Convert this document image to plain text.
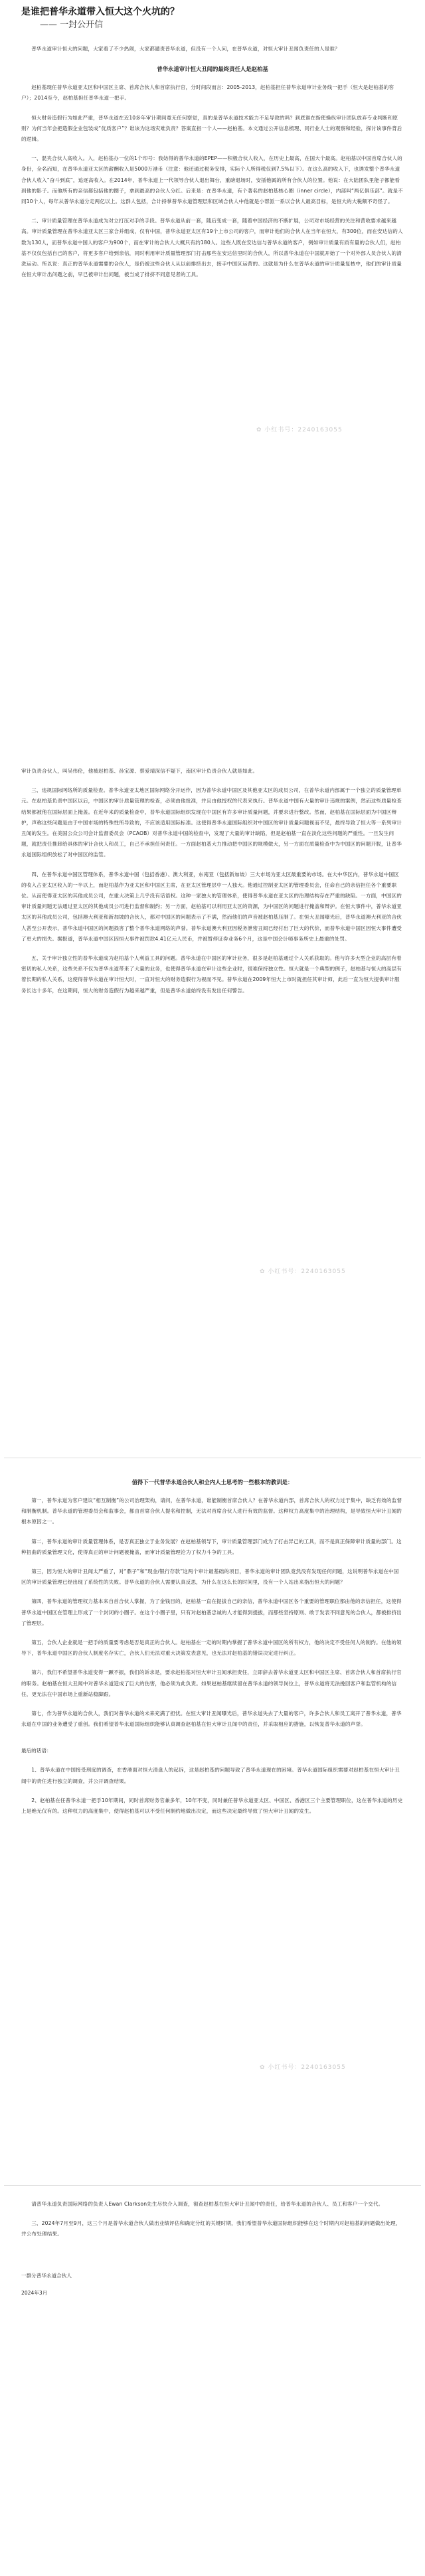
是谁把普华永道带入恒大这个火坑的？
—— 一封公开信

普华永道审计恒大的问题，大家看了不少热闹，大家都谴责普华永道，但没有一个人问，在普华永道，对恒大审计丑闻负责任的人是谁？

普华永道审计恒大丑闻的最终责任人是赵柏基

赵柏基现任普华永道亚太区和中国区主席、首席合伙人和首席执行官，分时间段而言：2005-2013，赵柏基担任普华永道审计业务线一把手（恒大是赵柏基的客户）；2014至今，赵柏基担任普华永道一把手。

恒大财务造假行为如此严重，普华永道在近10多年审计期间竟无任何察觉，真的是普华永道技术能力不足导致的吗？到底谁在指使操纵审计团队放弃专业判断和原则？为何当年会把造假企业包装成“优质客户”？谁该为这场灾难负责？答案直指一个人——赵柏基。本文通过公开信息梳理、同行业人士的观察和经验，探讨该事件背后的逻辑。

一、混夹合伙人高收入。入，赵柏基办一位的1个印号：我妨得的普华永道的EPEP——积极合伙人收入，在历史上最高，在国大个最高。赵柏基以中国首席合伙人的身份，全名而知，在普华永道亚太区的薪酬收入是5000万港币（注意：他还通过税务安排，实际个人所得税仅到7.5%以下）。在这么高的收入下，也诱发整个普华永道合伙人收入“奋斗到底”，追逐高收入。在2014年，普华永道上一代领导合伙人退出舞台，重磅退场时，安插他属的所有合伙人的位置。他说：在大陆团队里能子都能看到他的影子。而他所有的亲信都包括他的圈子，拿到最高的合伙人分红。后来是：在普华永道，有个著名的赵柏基核心圈（inner circle），内部叫“两亿俱乐部”。就是不同10个人，每年从普华永道分走两亿以上。这群人包括，合计持掌普华永道管理层和区域合伙人中他就是小帮派一系以合伙人最高目标，是恒大的大税额不奇怪了。

二、审计质量管理在普华永道成为对立打压对手的手段。普华永道从前一套，随后变成一套，随着中国经济的不断扩展，公司对市场经营的关注和营收要求越来越高。审计质量管理在普华永道亚太区三家合并组成，仅有中国，普华永道亚太区有19个上市公司的客户，而审计他们的合伙人在当年在恒大，有300位，而在安达信的人数为130人，而普华永道中国人的客户为900个，而在审计的合伙人大概只有约180人。这些人既在安达信与普华永道的客户，例如审计质量有质有量的合伙人们，赵柏基不仅仅包括自己的客户，将更多客户给到亲信，同时利用审计质量管理部门打击那些在安达信里时的合伙人，所以普华永道在中国就开始了一个对外部人员合伙人的清洗运动。所以说：真正的普华永道需要的合伙人，是仍被这些合伙人从以前排挤出去，接手中国区运营的。这就是为什么在普华永道的审计质量复核中，他们的审计质量在恒大审计出问题之前，早已被审计出问题，被当成了排挤不同意见者的工具。

✿ 小红书号：2240163055

审计负责合伙人，叫吴伟伦，他被赵柏基、孙宝源、蔡爱靖深信不疑下，南区审计负责合伙人就是如此。

三、违规国际网络所的质量检查。普华永道亚太地区国际网络分开运作，因为普华永道中国区及其他亚太区的成员公司，在普华永道内部属于一个独立的质量管理单元。在赵柏基负责中国区以后，中国区的审计质量管理的检查，必须由他批准，并且由他授权的代表来执行。普华永道中国有大量的审计违规的案例，然而这些质量检查结果都被他在国际层面上掩盖。在近年来的质量检查中，普华永道国际组织发现在中国区有许多审计质量问题，并要求进行整改。然而，赵柏基在国际层面为中国区辩护，声称这些问题是由于中国市场的特殊性所导致的，不应该适用国际标准。这使得普华永道国际组织对中国区的审计质量问题视而不见，最终导致了恒大等一系列审计丑闻的发生。在美国公众公司会计监督委员会（PCAOB）对普华永道中国的检查中，发现了大量的审计缺陷，但是赵柏基一直在淡化这些问题的严重性。一旦发生问题，就把责任推卸给具体的审计合伙人和员工，自己不承担任何责任。一方面赵柏基大力推动把中国区的规模做大，另一方面在质量检查中为中国区的问题开脱，让普华永道国际组织放松了对中国区的监管。

四、在普华永道中国区管理体系，普华永道中国（包括香港）、澳大利亚，东南亚（包括新加坡）三大市场为亚太区最重要的市场。在大中华区内，普华永道中国区的收入占亚太区收入的一半以上，而赵柏基作为亚太区和中国区主席，在亚太区管理层中一人独大。他通过控制亚太区的管理委员会，任命自己的亲信担任各个重要职位。从而使得亚太区的其他成员公司，在重大决策上几乎没有话语权。这种一家独大的管理体系，使得普华永道在亚太区的治理结构存在严重的缺陷。一方面，中国区的审计质量问题无法通过亚太区的其他成员公司进行监督和制约；另一方面，赵柏基可以利用亚太区的资源，为中国区的问题进行掩盖和辩护。在恒大事件中，普华永道亚太区的其他成员公司，包括澳大利亚和新加坡的合伙人，都对中国区的问题表示了不满，然而他们的声音被赵柏基压制了。在恒大丑闻曝光后，普华永道澳大利亚的合伙人甚至公开表示，普华永道中国区的问题损害了整个普华永道网络的声誉。普华永道澳大利亚因税务泄密丑闻已经付出了巨大的代价，而普华永道中国区因恒大事件遭受了更大的损失。据报道，普华永道中国区因恒大事件被罚款4.41亿元人民币，并被暂停证券业务6个月，这是中国会计师事务所史上最重的处罚。

五、关于审计独立性的普华永道成为赵柏基个人利益工具的问题。普华永道在中国区的审计业务，很多是赵柏基通过个人关系获取的。他与许多大型企业的高层有着密切的私人关系，这些关系不仅为普华永道带来了大量的业务，也使得普华永道在审计这些企业时，很难保持独立性。恒大就是一个典型的例子，赵柏基与恒大的高层有着长期的私人关系，这使得普华永道在审计恒大时，一直对恒大的财务造假行为视而不见。普华永道在2009年恒大上市时就担任其审计师，此后一直为恒大提供审计服务长达十多年，在这期间，恒大的财务造假行为越来越严重，但是普华永道始终没有发出任何警告。

✿ 小红书号：2240163055

值得下一代普华永道合伙人和全内人士思考的一些根本的教训是：

第一，普华永道为客户建议“相互制衡”的公司治理架构，请问，在普华永道，谁能制衡首席合伙人？在普华永道内部，首席合伙人的权力过于集中，缺乏有效的监督和制衡机制。普华永道的管理委员会和监事会，都由首席合伙人提名和控制，无法对首席合伙人进行有效的监督。这种权力高度集中的治理结构，是导致恒大审计丑闻的根本原因之一。

第二，普华永道的审计质量管理体系，是否真正独立于业务发展？在赵柏基领导下，审计质量管理部门成为了打击异己的工具，而不是真正保障审计质量的部门。这种扭曲的质量管理文化，使得真正的审计问题被掩盖，而审计质量管理沦为了权力斗争的工具。

第三，因为恒大的审计丑闻太严重了，对“鼎子”和“现金/银行存款”这两个审计最基础的项目，普华永道的审计团队竟然没有发现任何问题，这说明普华永道在中国区的审计质量管理已经出现了系统性的失败。普华永道的合伙人需要认真反思，为什么在这么长的时间里，没有一个人站出来指出恒大的问题？

第四，普华永道的管理权力基本来自首合伙人掌握，为了金钱目的，赵柏基一直在提拔自己的亲信，普华永道中国区各个重要的管理职位都由他的亲信担任，这使得普华永道中国区在管理上形成了一个封闭的小圈子。在这个小圈子里，只有对赵柏基忠诚的人才能得到提拔，而那些坚持原则、敢于发表不同意见的合伙人，都被排挤出了管理层。

第五，合伙人企业就是一把手的质量要考虑是否是真正的合伙人。赵柏基在一定的时期内掌握了普华永道中国区的所有权力，他的决定不受任何人的制约。在他的领导下，普华永道中国区的合伙人制度名存实亡，合伙人们无法对重大决策发表意见，也无法对赵柏基的错误决定进行纠正。

第六，我们不希望普华永道变得一蹶不振，我们的诉求是，要求赵柏基对恒大审计丑闻承担责任，立即辞去普华永道亚太区和中国区主席、首席合伙人和首席执行官的职务。赵柏基在恒大丑闻中对普华永道造成了巨大的伤害，他必须为此负责。如果赵柏基继续留在普华永道的领导岗位上，普华永道将无法挽回客户和监管机构的信任，更无法在中国市场上重新站稳脚跟。

第七，作为普华永道的合伙人，我们对普华永道的未来充满了担忧。在恒大审计丑闻曝光后，普华永道失去了大量的客户，许多合伙人和员工离开了普华永道，普华永道在中国的业务遭受了重创。我们希望普华永道国际组织能够认真调查赵柏基在恒大审计丑闻中的责任，并采取相应的措施，以恢复普华永道的声誉。

最后的话语：

1、普华永道在中国接受刑庭的调查，在香港面对恒大清盘人的起诉，这是赵柏基的问题导致了普华永道现在的困境。普华永道国际组织需要对赵柏基在恒大审计丑闻中的责任进行独立的调查，并公开调查结果。

2、赵柏基在任普华永道一把手10年期间，同时首席财务官兼多年，10年不变，同时兼任普华永道亚太区、中国区、香港区三个主要管理职位，这在普华永道的历史上是绝无仅有的。这种权力的高度集中，使得赵柏基可以不受任何制约地做出决定，而这些决定最终导致了恒大审计丑闻的发生。

✿ 小红书号：2240163055

请普华永道负责国际网络的负责人Ewan Clarkson先生尽快介入调查，彻查赵柏基在恒大审计丑闻中的责任，给普华永道的合伙人、员工和客户一个交代。

三、2024年7月至9月，这三个月是普华永道合伙人做出业绩评估和确定分红的关键时期，我们希望普华永道国际组织能够在这个时期内对赵柏基的问题做出处理，并公布处理结果。

一群分普华永道合伙人
2024年3月
